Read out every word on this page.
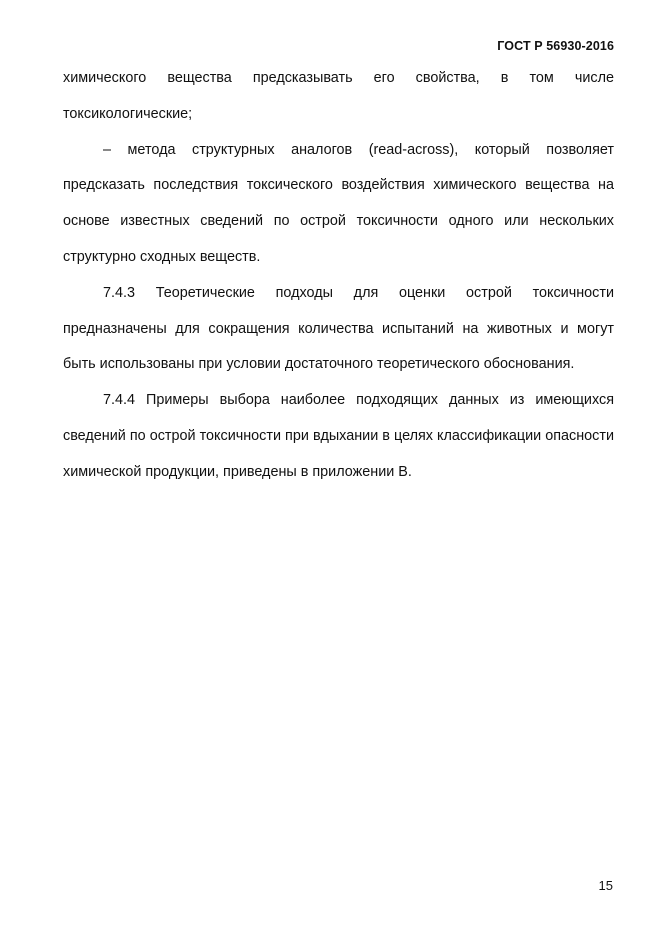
ГОСТ Р 56930-2016

химического вещества предсказывать его свойства, в том числе токсикологические;

– метода структурных аналогов (read-across), который позволяет предсказать последствия токсического воздействия химического вещества на основе известных сведений по острой токсичности одного или нескольких структурно сходных веществ.

7.4.3 Теоретические подходы для оценки острой токсичности предназначены для сокращения количества испытаний на животных и могут быть использованы при условии достаточного теоретического обоснования.

7.4.4 Примеры выбора наиболее подходящих данных из имеющихся сведений по острой токсичности при вдыхании в целях классификации опасности химической продукции, приведены в приложении В.

15
